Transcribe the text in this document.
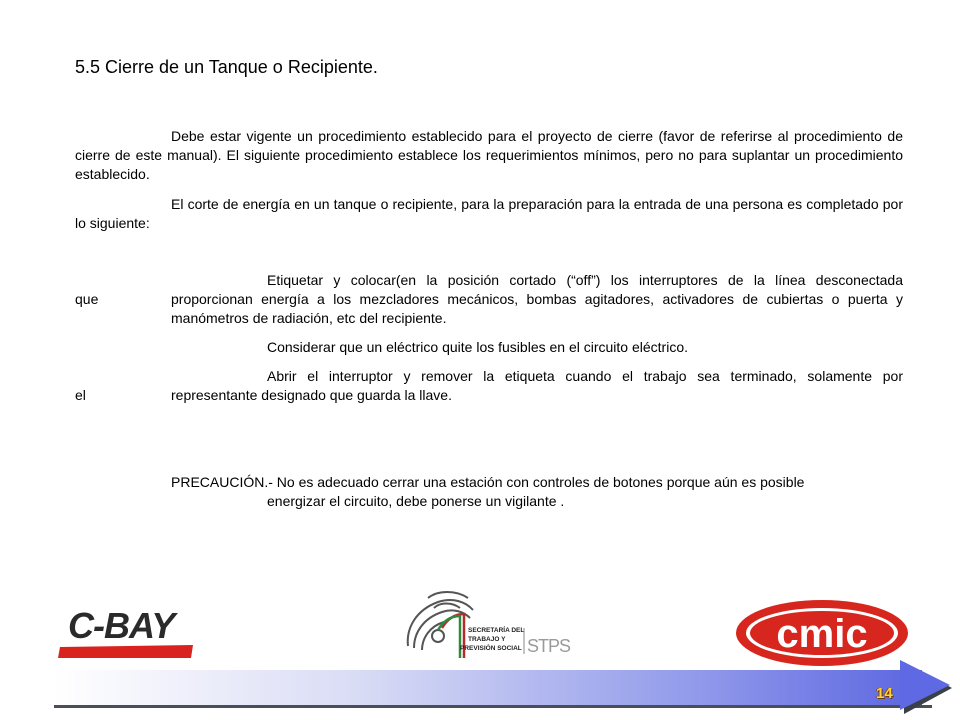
5.5 Cierre de un Tanque o Recipiente.

Debe estar vigente un procedimiento establecido para el proyecto de cierre (favor de referirse al procedimiento de cierre de este manual). El siguiente procedimiento establece los requerimientos mínimos, pero no para suplantar un procedimiento establecido.

El corte de energía en un tanque o recipiente, para la preparación para la entrada de una persona es completado por lo siguiente:

Etiquetar y colocar(en la posición cortado (“off”) los interruptores de la línea desconectada

que	proporcionan energía a los mezcladores mecánicos, bombas agitadores, activadores de cubiertas o puerta y manómetros de radiación, etc del recipiente.

Considerar que un eléctrico quite los fusibles en el circuito eléctrico.

Abrir el interruptor y remover la etiqueta cuando el trabajo sea terminado, solamente por

el	representante designado que guarda la llave.

PRECAUCIÓN.- No es adecuado cerrar una estación con controles de botones porque aún es posible
energizar el circuito, debe ponerse un vigilante .

C-BAY	SECRETARÍA DEL
TRABAJO Y
PREVISIÓN SOCIAL STPS	cmic
14
